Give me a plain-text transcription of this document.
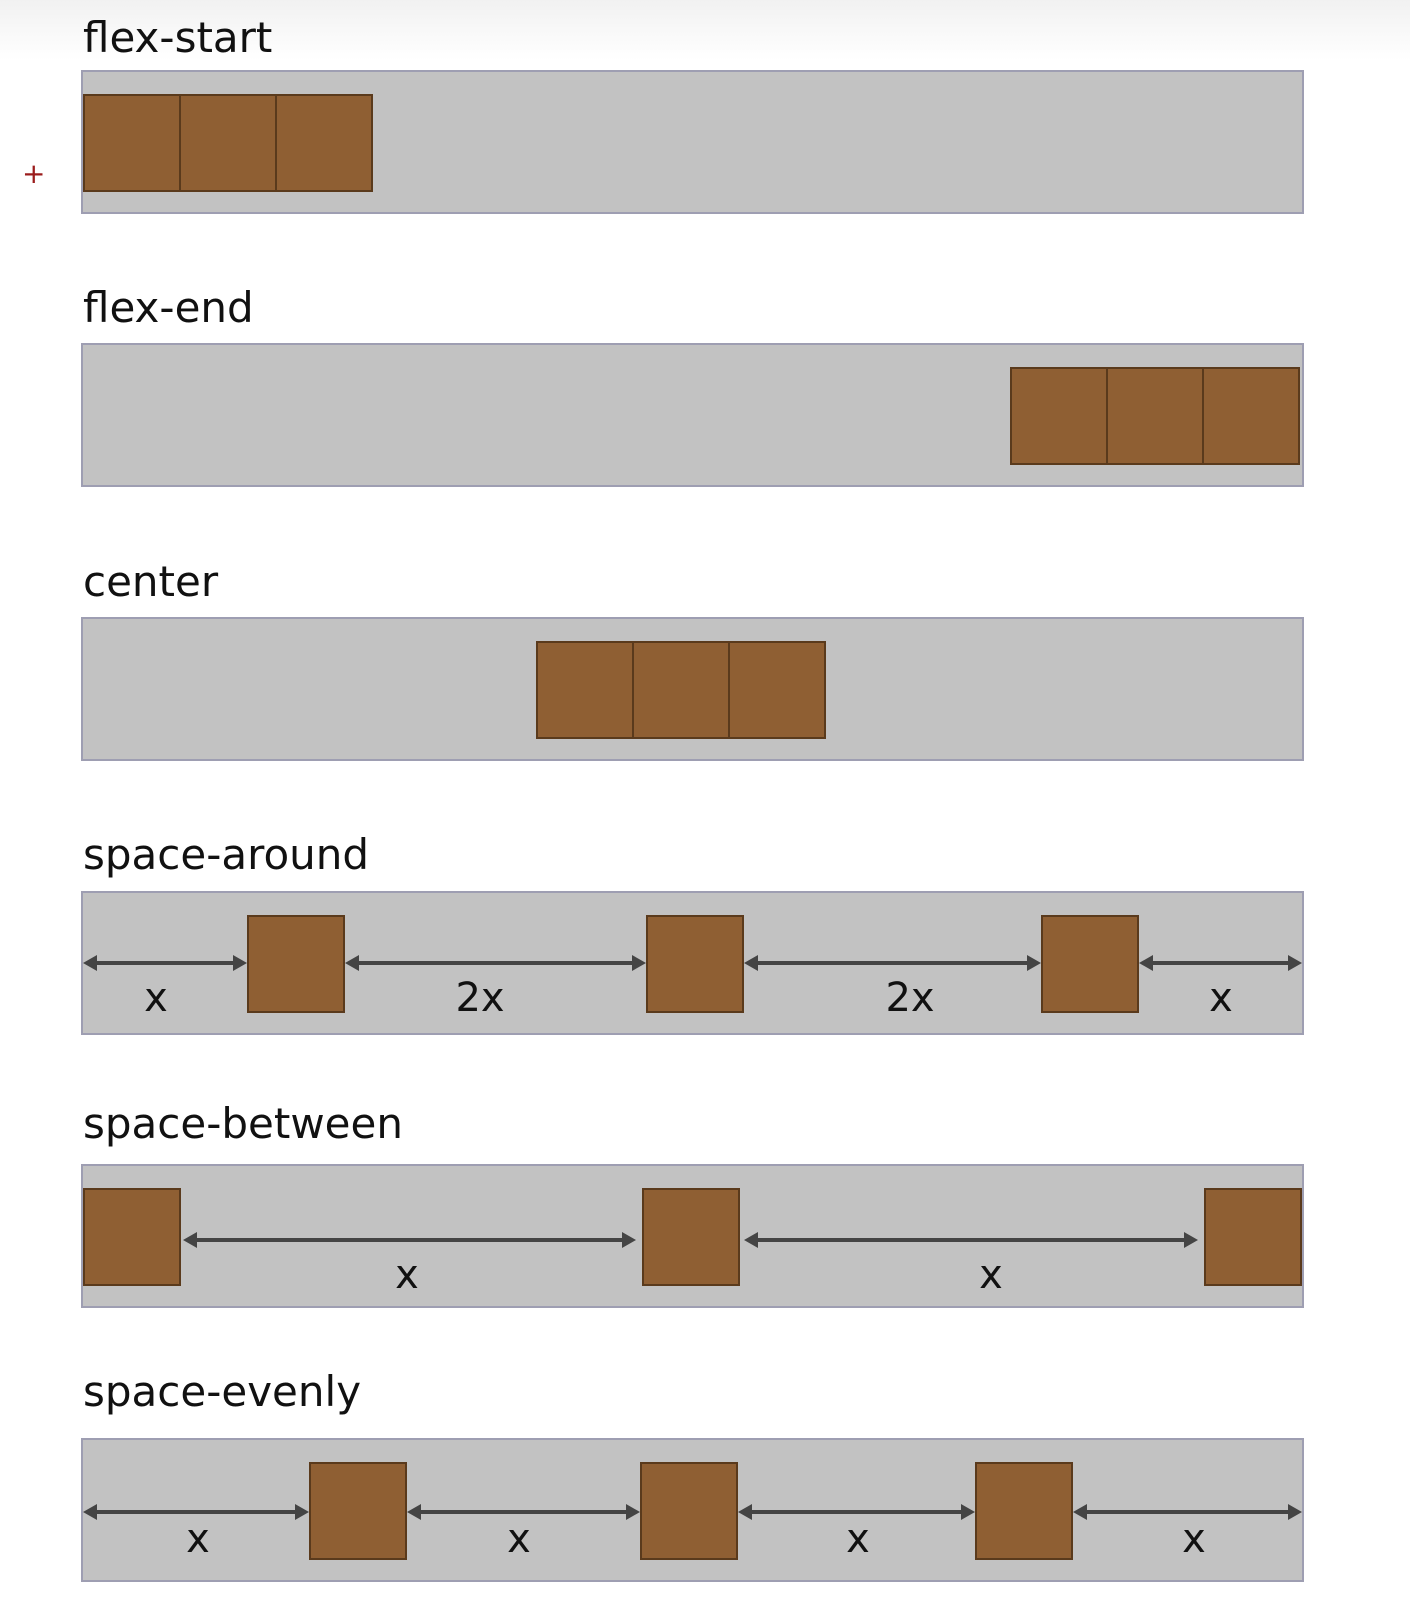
+
flex-start
flex-end
center
space-around
x	2x	2x	x
space-between
x	x
space-evenly
x	x	x	x
